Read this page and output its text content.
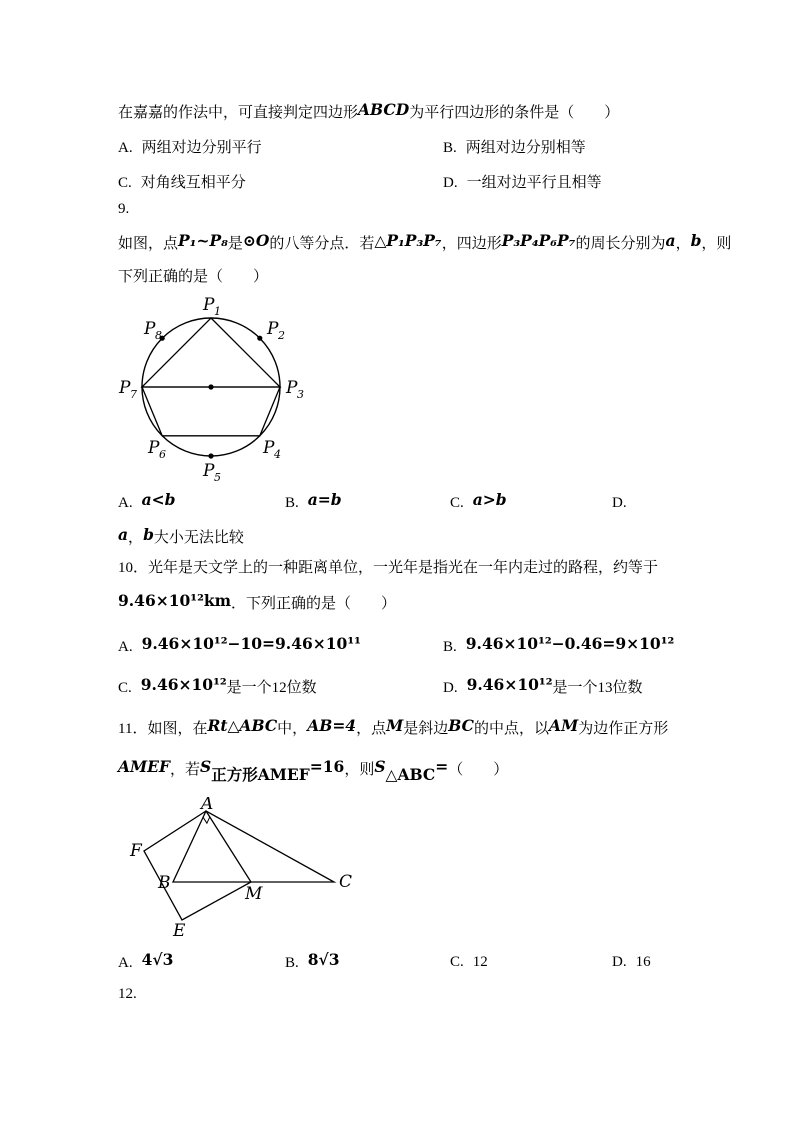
在嘉嘉的作法中，可直接判定四边形ABCD为平行四边形的条件是（　　）
A. 两组对边分别平行	B. 两组对边分别相等
C. 对角线互相平分	D. 一组对边平行且相等
9.
如图，点P₁~P₈是⊙O的八等分点．若△P₁P₃P₇，四边形P₃P₄P₆P₇的周长分别为a，b，则
下列正确的是（　　）
P 1
P 2
P 3
P 4
P 5
P 6
P 7
P 8
A. a<b	B. a=b	C. a>b	D.
a，b大小无法比较
10．光年是天文学上的一种距离单位，一光年是指光在一年内走过的路程，约等于
9.46×10¹²km．下列正确的是（　　）
A. 9.46×10¹²−10=9.46×10¹¹	B. 9.46×10¹²−0.46=9×10¹²
C. 9.46×10¹²是一个12位数	D. 9.46×10¹²是一个13位数
11．如图，在Rt△ABC中，AB=4，点M是斜边BC的中点，以AM为边作正方形
AMEF，若$S_{正方形AMEF}=16$，则$S_{\triangle ABC}=$（　　）
A
B	C
M
E
F
A. 4√3	B. 8√3	C. 12	D. 16
12.
